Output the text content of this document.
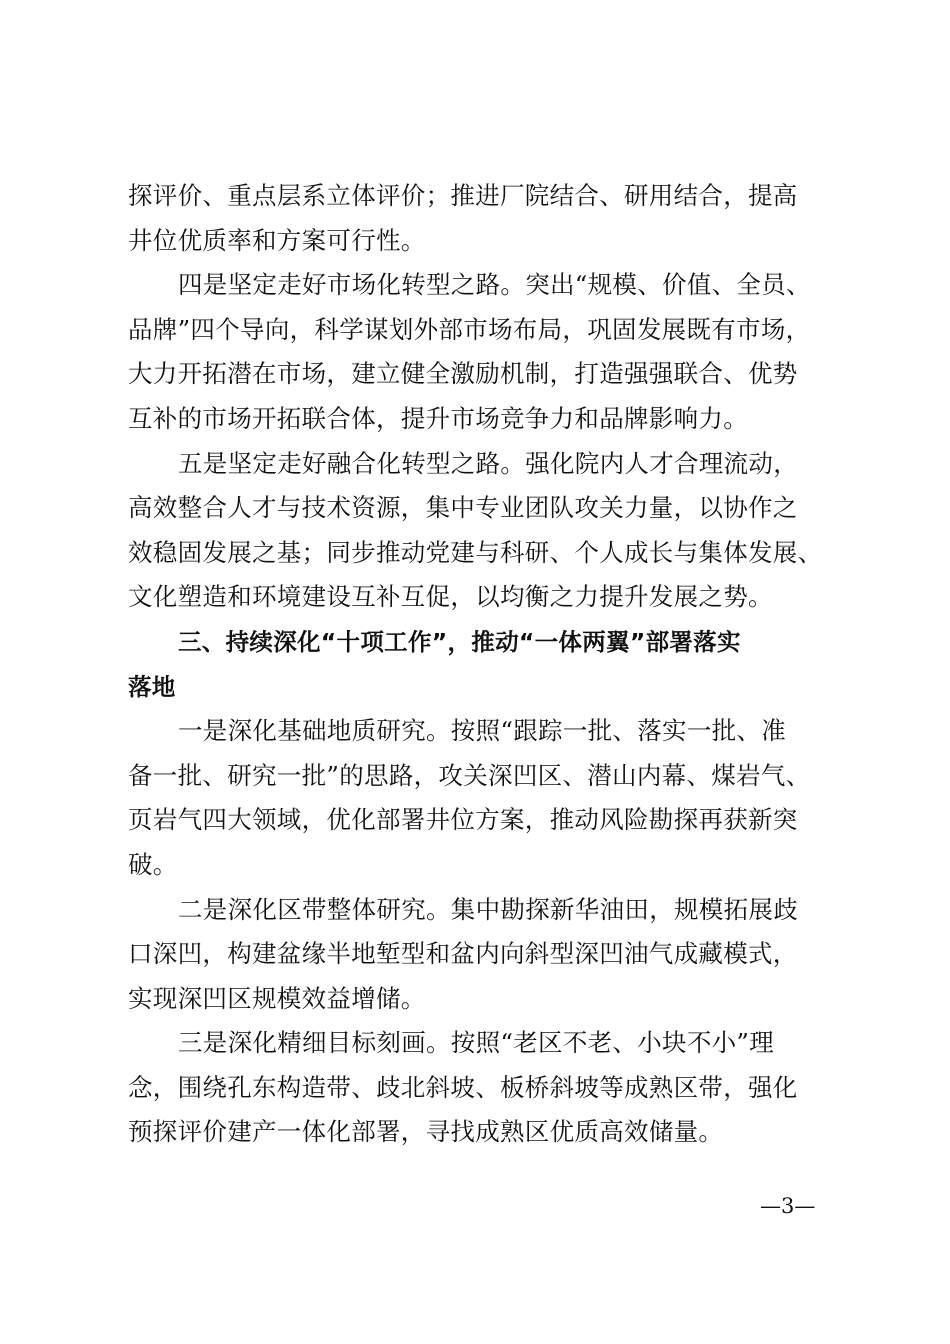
探评价、重点层系立体评价；推进厂院结合、研用结合，提高
井位优质率和方案可行性。
四是坚定走好市场化转型之路。突出“规模、价值、全员、
品牌”四个导向，科学谋划外部市场布局，巩固发展既有市场，
大力开拓潜在市场，建立健全激励机制，打造强强联合、优势
互补的市场开拓联合体，提升市场竞争力和品牌影响力。
五是坚定走好融合化转型之路。强化院内人才合理流动，
高效整合人才与技术资源，集中专业团队攻关力量，以协作之
效稳固发展之基；同步推动党建与科研、个人成长与集体发展、
文化塑造和环境建设互补互促，以均衡之力提升发展之势。
三、持续深化“十项工作”，推动“一体两翼”部署落实
落地
一是深化基础地质研究。按照“跟踪一批、落实一批、准
备一批、研究一批”的思路，攻关深凹区、潜山内幕、煤岩气、
页岩气四大领域，优化部署井位方案，推动风险勘探再获新突
破。
二是深化区带整体研究。集中勘探新华油田，规模拓展歧
口深凹，构建盆缘半地堑型和盆内向斜型深凹油气成藏模式，
实现深凹区规模效益增储。
三是深化精细目标刻画。按照“老区不老、小块不小”理
念，围绕孔东构造带、歧北斜坡、板桥斜坡等成熟区带，强化
预探评价建产一体化部署，寻找成熟区优质高效储量。
—3—
